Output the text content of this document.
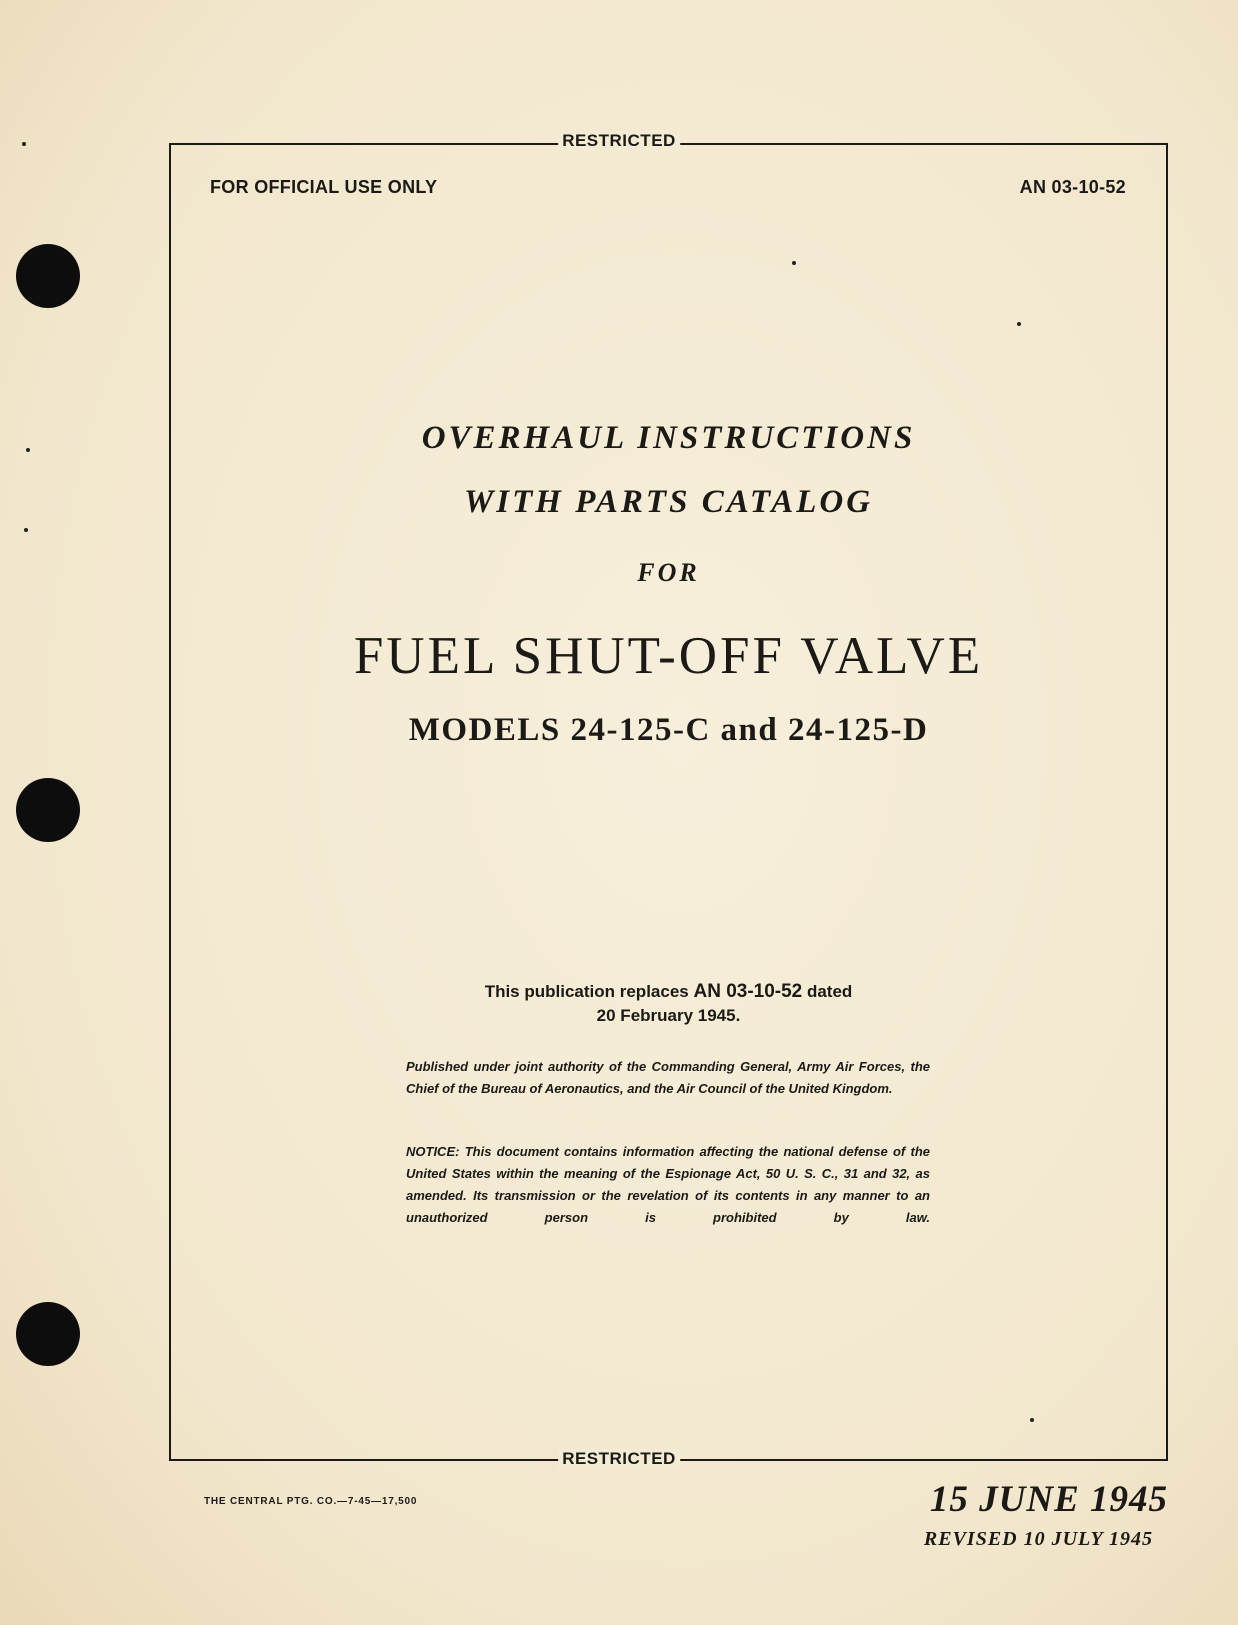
RESTRICTED
FOR OFFICIAL USE ONLY	AN 03-10-52
OVERHAUL INSTRUCTIONS
WITH PARTS CATALOG
FOR
FUEL SHUT-OFF VALVE
MODELS 24-125-C and 24-125-D
This publication replaces AN 03-10-52 dated
20 February 1945.
Published under joint authority of the Commanding General, Army Air Forces, the Chief of the Bureau of Aeronautics, and the Air Council of the United Kingdom.
NOTICE: This document contains information affecting the national defense of the United States within the meaning of the Espionage Act, 50 U. S. C., 31 and 32, as amended. Its transmission or the revelation of its contents in any manner to an unauthorized person is prohibited by law.
RESTRICTED
THE CENTRAL PTG. CO.—7-45—17,500	15 JUNE 1945
REVISED 10 JULY 1945
